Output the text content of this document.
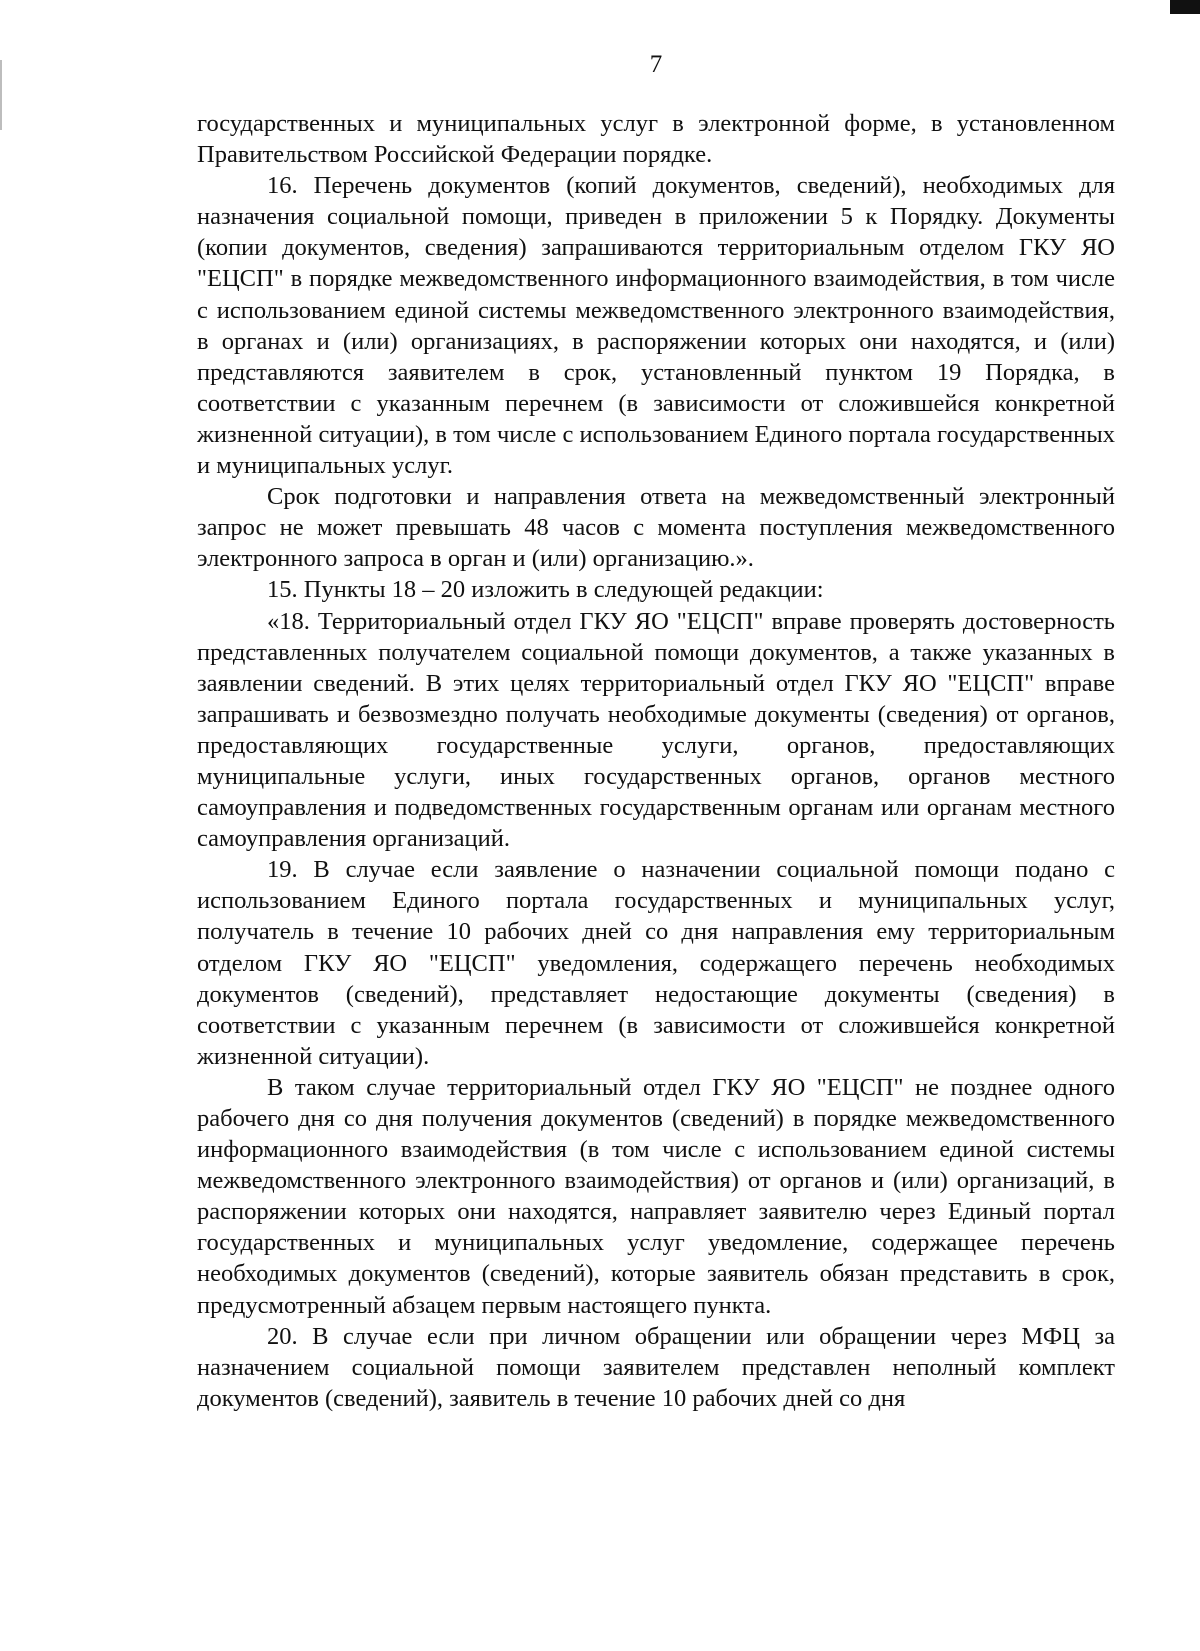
7

государственных и муниципальных услуг в электронной форме, в установленном Правительством Российской Федерации порядке.

16. Перечень документов (копий документов, сведений), необходимых для назначения социальной помощи, приведен в приложении 5 к Порядку. Документы (копии документов, сведения) запрашиваются территориальным отделом ГКУ ЯО "ЕЦСП" в порядке межведомственного информационного взаимодействия, в том числе с использованием единой системы межведомственного электронного взаимодействия, в органах и (или) организациях, в распоряжении которых они находятся, и (или) представляются заявителем в срок, установленный пунктом 19 Порядка, в соответствии с указанным перечнем (в зависимости от сложившейся конкретной жизненной ситуации), в том числе с использованием Единого портала государственных и муниципальных услуг.

Срок подготовки и направления ответа на межведомственный электронный запрос не может превышать 48 часов с момента поступления межведомственного электронного запроса в орган и (или) организацию.».

15. Пункты 18 – 20 изложить в следующей редакции:

«18. Территориальный отдел ГКУ ЯО "ЕЦСП" вправе проверять достоверность представленных получателем социальной помощи документов, а также указанных в заявлении сведений. В этих целях территориальный отдел ГКУ ЯО "ЕЦСП" вправе запрашивать и безвозмездно получать необходимые документы (сведения) от органов, предоставляющих государственные услуги, органов, предоставляющих муниципальные услуги, иных государственных органов, органов местного самоуправления и подведомственных государственным органам или органам местного самоуправления организаций.

19. В случае если заявление о назначении социальной помощи подано с использованием Единого портала государственных и муниципальных услуг, получатель в течение 10 рабочих дней со дня направления ему территориальным отделом ГКУ ЯО "ЕЦСП" уведомления, содержащего перечень необходимых документов (сведений), представляет недостающие документы (сведения) в соответствии с указанным перечнем (в зависимости от сложившейся конкретной жизненной ситуации).

В таком случае территориальный отдел ГКУ ЯО "ЕЦСП" не позднее одного рабочего дня со дня получения документов (сведений) в порядке межведомственного информационного взаимодействия (в том числе с использованием единой системы межведомственного электронного взаимодействия) от органов и (или) организаций, в распоряжении которых они находятся, направляет заявителю через Единый портал государственных и муниципальных услуг уведомление, содержащее перечень необходимых документов (сведений), которые заявитель обязан представить в срок, предусмотренный абзацем первым настоящего пункта.

20. В случае если при личном обращении или обращении через МФЦ за назначением социальной помощи заявителем представлен неполный комплект документов (сведений), заявитель в течение 10 рабочих дней со дня
